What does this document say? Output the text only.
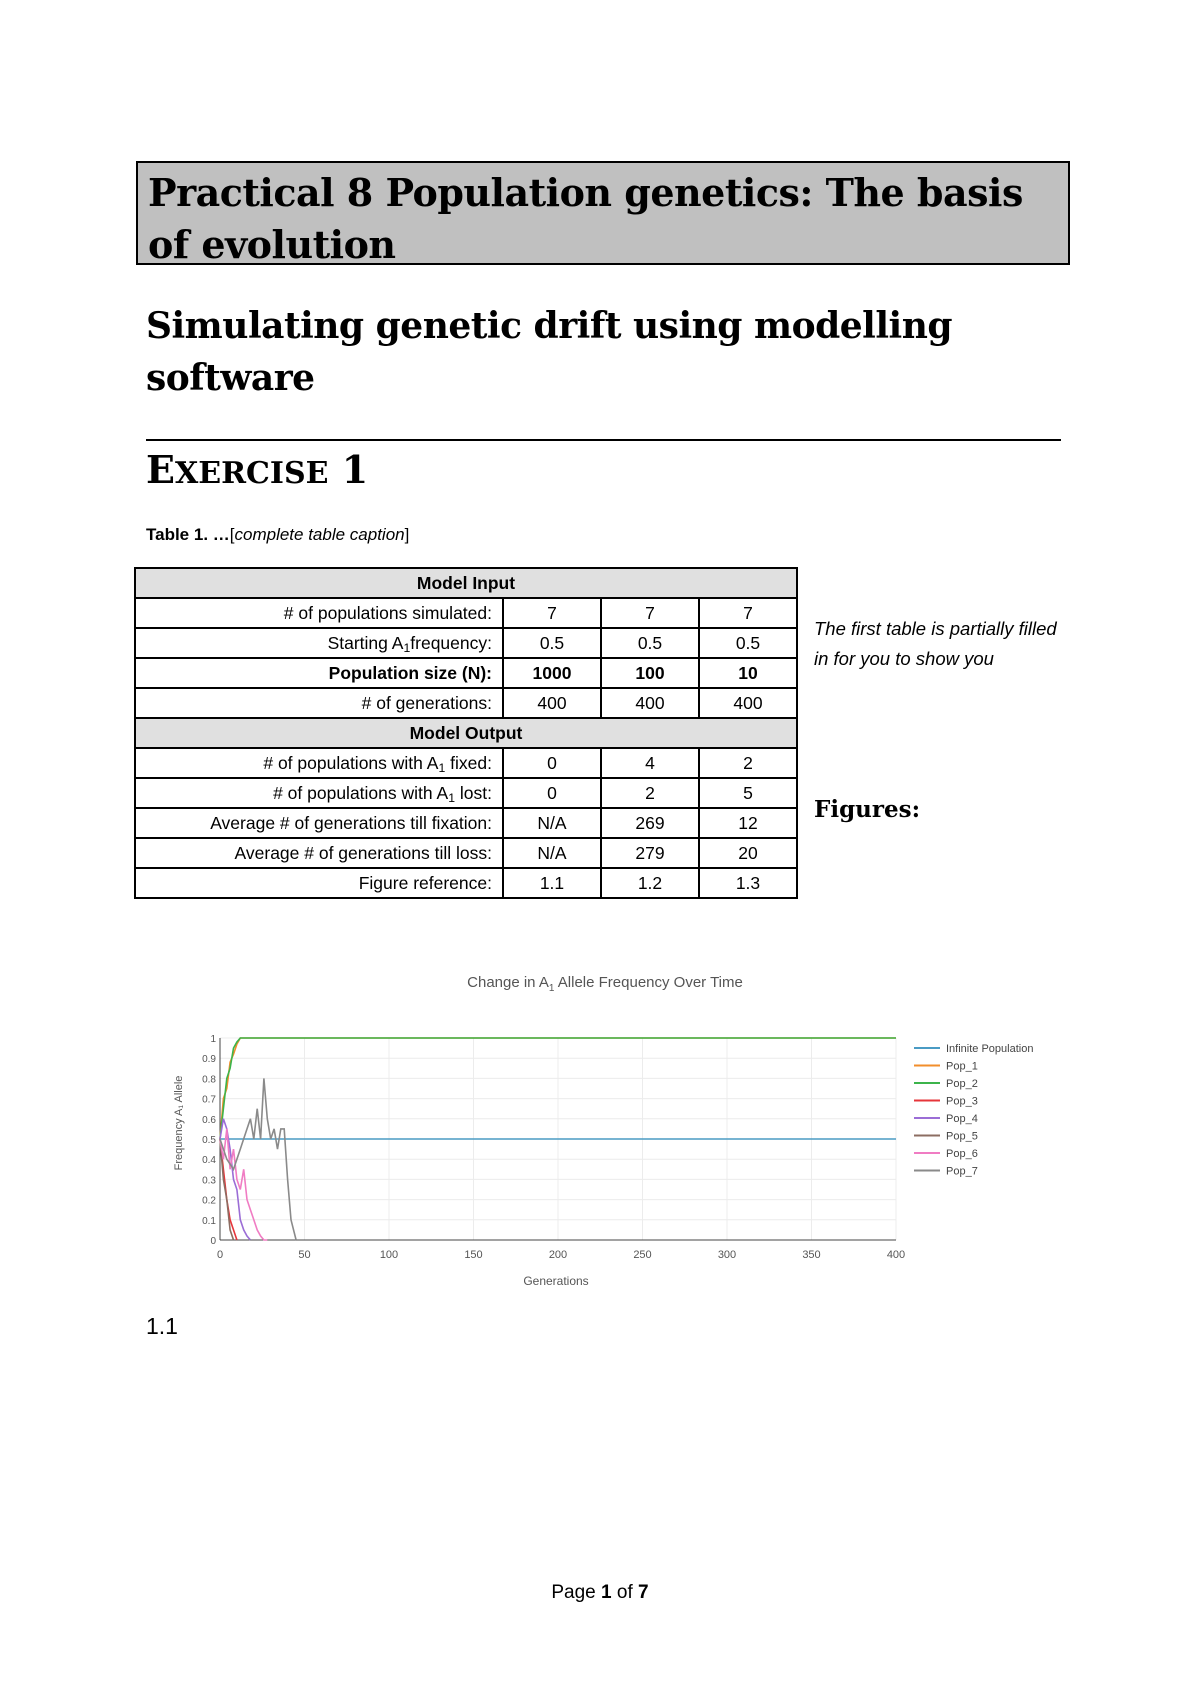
Practical 8 Population genetics: The basis of evolution
Simulating genetic drift using modelling software
EXERCISE 1
Table 1. …[complete table caption]
Model Input			
# of populations simulated:	7	7	7
Starting $A_1frequency$:	0.5	0.5	0.5
Population size (N):	1000	100	10
# of generations:	400	400	400
Model Output			
# of populations with $A_1$ fixed:	0	4	2
# of populations with $A_1$ lost:	0	2	5
Average # of generations till fixation:	N/A	269	12
Average # of generations till loss:	N/A	279	20
Figure reference:	1.1	1.2	1.3
The first table is partially filled in for you to show you
Figures:
Change in $A_1$ Allele Frequency Over Time
0	50	100	150	200	250	300	350	400
0
0.1
0.2
0.3
0.4
0.5
0.6
0.7
0.8
0.9
1
Infinite Population
Pop_1
Pop_2
Pop_3
Pop_4
Pop_5
Pop_6
Pop_7
Generations
Frequency A₁ Allele
1.1
Page 1 of 7
